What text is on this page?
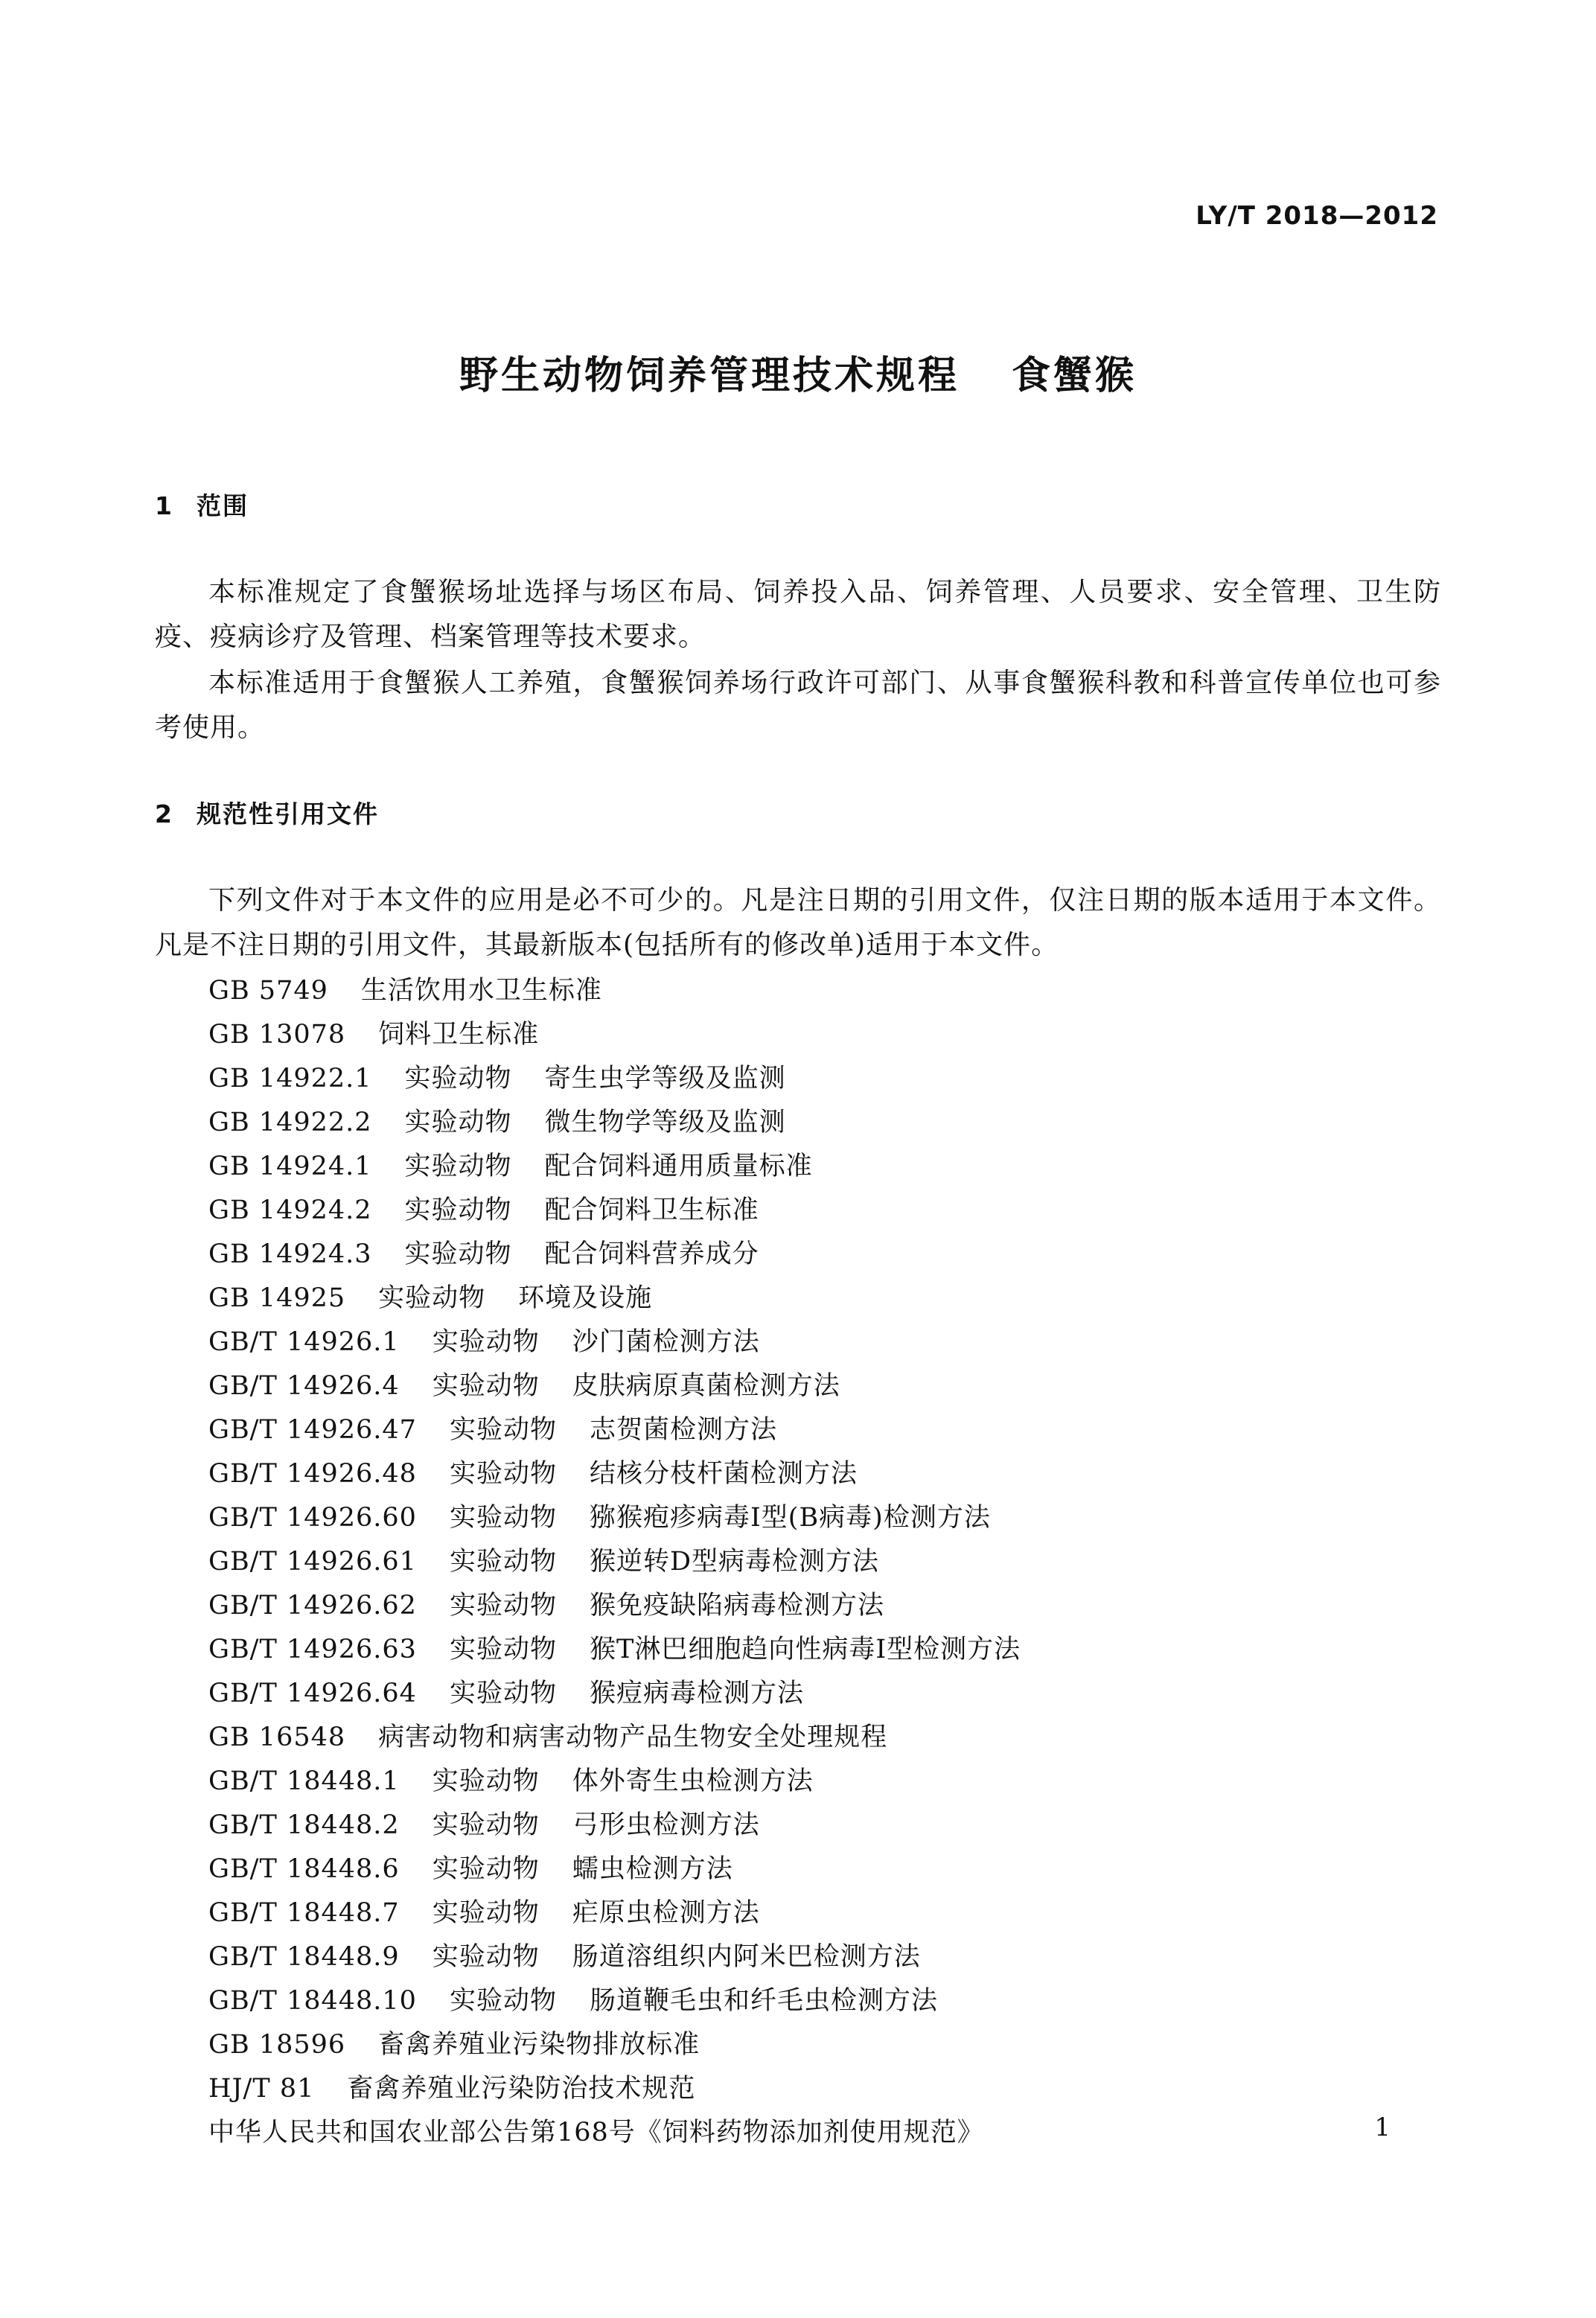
LY/T 2018—2012
野生动物饲养管理技术规程 食蟹猴
1 范围

本标准规定了食蟹猴场址选择与场区布局、饲养投入品、饲养管理、人员要求、安全管理、卫生防疫、疫病诊疗及管理、档案管理等技术要求。

本标准适用于食蟹猴人工养殖，食蟹猴饲养场行政许可部门、从事食蟹猴科教和科普宣传单位也可参考使用。

2 规范性引用文件

下列文件对于本文件的应用是必不可少的。凡是注日期的引用文件，仅注日期的版本适用于本文件。凡是不注日期的引用文件，其最新版本(包括所有的修改单)适用于本文件。

GB 5749 生活饮用水卫生标准
GB 13078 饲料卫生标准
GB 14922.1 实验动物 寄生虫学等级及监测
GB 14922.2 实验动物 微生物学等级及监测
GB 14924.1 实验动物 配合饲料通用质量标准
GB 14924.2 实验动物 配合饲料卫生标准
GB 14924.3 实验动物 配合饲料营养成分
GB 14925 实验动物 环境及设施
GB/T 14926.1 实验动物 沙门菌检测方法
GB/T 14926.4 实验动物 皮肤病原真菌检测方法
GB/T 14926.47 实验动物 志贺菌检测方法
GB/T 14926.48 实验动物 结核分枝杆菌检测方法
GB/T 14926.60 实验动物 猕猴疱疹病毒Ⅰ型(B病毒)检测方法
GB/T 14926.61 实验动物 猴逆转D型病毒检测方法
GB/T 14926.62 实验动物 猴免疫缺陷病毒检测方法
GB/T 14926.63 实验动物 猴T淋巴细胞趋向性病毒Ⅰ型检测方法
GB/T 14926.64 实验动物 猴痘病毒检测方法
GB 16548 病害动物和病害动物产品生物安全处理规程
GB/T 18448.1 实验动物 体外寄生虫检测方法
GB/T 18448.2 实验动物 弓形虫检测方法
GB/T 18448.6 实验动物 蠕虫检测方法
GB/T 18448.7 实验动物 疟原虫检测方法
GB/T 18448.9 实验动物 肠道溶组织内阿米巴检测方法
GB/T 18448.10 实验动物 肠道鞭毛虫和纤毛虫检测方法
GB 18596 畜禽养殖业污染物排放标准
HJ/T 81 畜禽养殖业污染防治技术规范
中华人民共和国农业部公告第168号《饲料药物添加剂使用规范》	1
